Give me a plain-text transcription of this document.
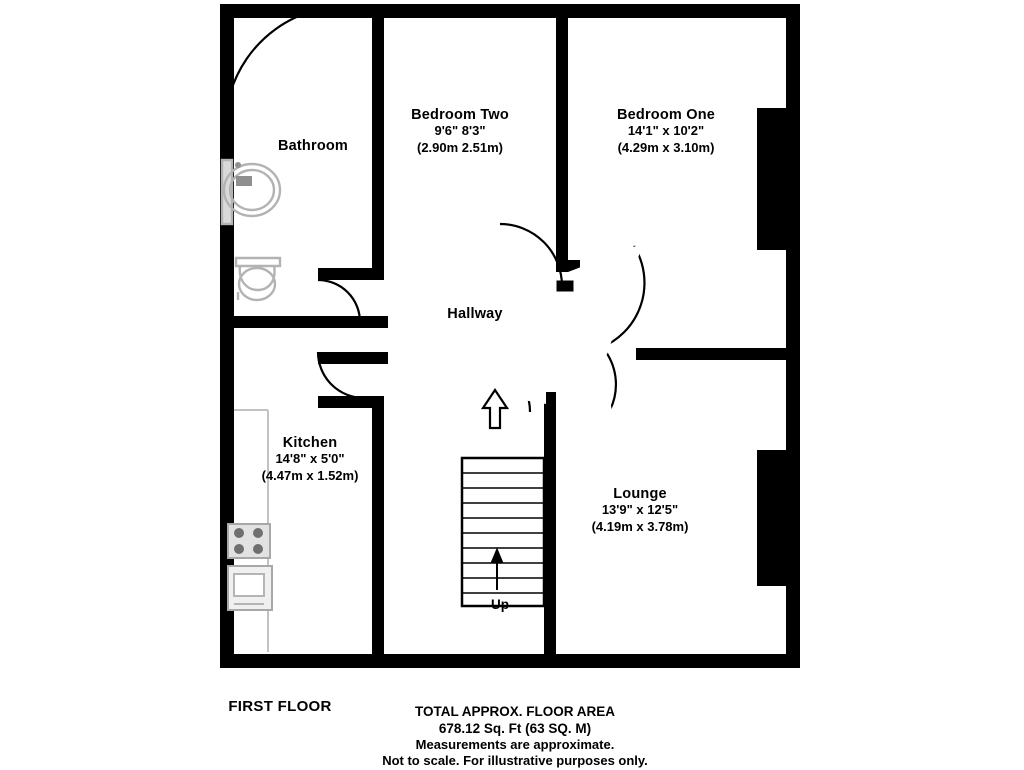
Bathroom
Bedroom Two
9'6" 8'3"
(2.90m 2.51m)
Bedroom One
14'1" x 10'2"
(4.29m x 3.10m)
Hallway
Kitchen
14'8" x 5'0"
(4.47m x 1.52m)
Lounge
13'9" x 12'5"
(4.19m x 3.78m)
Up
FIRST FLOOR	TOTAL APPROX. FLOOR AREA
678.12 Sq. Ft (63 SQ. M)
Measurements are approximate.
Not to scale. For illustrative purposes only.
